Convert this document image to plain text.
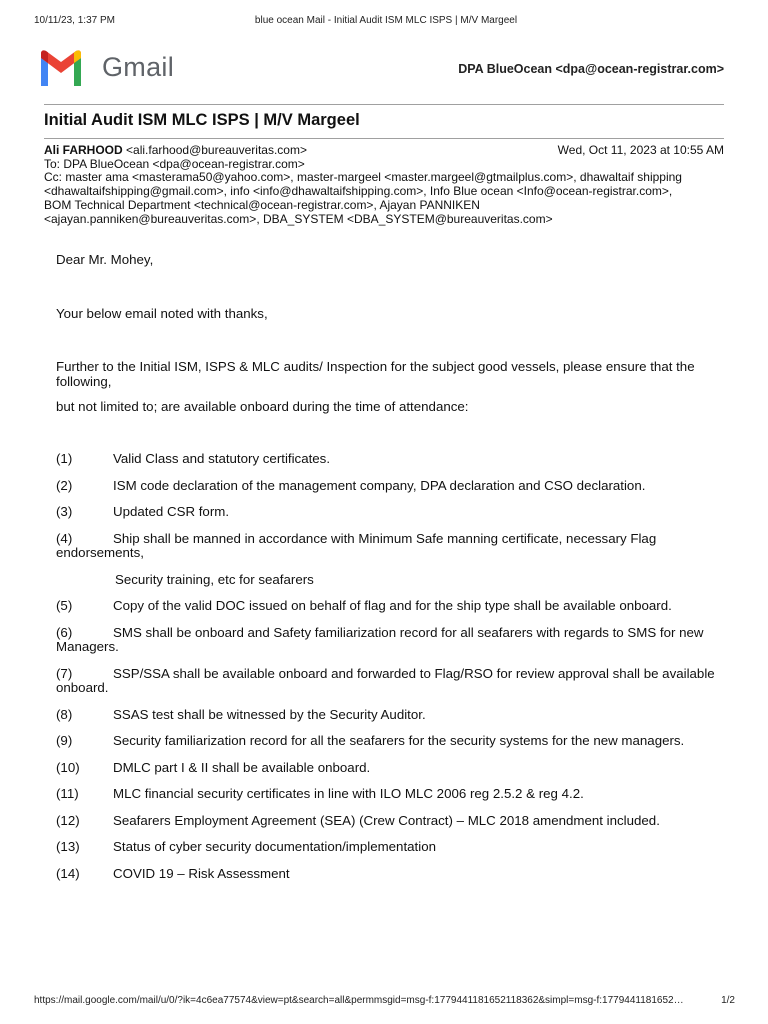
10/11/23, 1:37 PM	blue ocean Mail - Initial Audit ISM MLC ISPS | M/V Margeel
Gmail	DPA BlueOcean <dpa@ocean-registrar.com>
Initial Audit ISM MLC ISPS | M/V Margeel
Ali FARHOOD <ali.farhood@bureauveritas.com>	Wed, Oct 11, 2023 at 10:55 AM
To: DPA BlueOcean <dpa@ocean-registrar.com>
Cc: master ama <masterama50@yahoo.com>, master-margeel <master.margeel@gtmailplus.com>, dhawaltaif shipping
<dhawaltaifshipping@gmail.com>, info <info@dhawaltaifshipping.com>, Info Blue ocean <Info@ocean-registrar.com>,
BOM Technical Department <technical@ocean-registrar.com>, Ajayan PANNIKEN
<ajayan.panniken@bureauveritas.com>, DBA_SYSTEM <DBA_SYSTEM@bureauveritas.com>
Dear Mr. Mohey,
Your below email noted with thanks,
Further to the Initial ISM, ISPS & MLC audits/ Inspection for the subject good vessels, please ensure that the following,
but not limited to; are available onboard during the time of attendance:
(1)	Valid Class and statutory certificates.
(2)	ISM code declaration of the management company, DPA declaration and CSO declaration.
(3)	Updated CSR form.
(4)	Ship shall be manned in accordance with Minimum Safe manning certificate, necessary Flag endorsements,
Security training, etc for seafarers
(5)	Copy of the valid DOC issued on behalf of flag and for the ship type shall be available onboard.
(6)	SMS shall be onboard and Safety familiarization record for all seafarers with regards to SMS for new Managers.
(7)	SSP/SSA shall be available onboard and forwarded to Flag/RSO for review approval shall be available onboard.
(8)	SSAS test shall be witnessed by the Security Auditor.
(9)	Security familiarization record for all the seafarers for the security systems for the new managers.
(10)	DMLC part I & II shall be available onboard.
(11)	MLC financial security certificates in line with ILO MLC 2006 reg 2.5.2 & reg 4.2.
(12)	Seafarers Employment Agreement (SEA) (Crew Contract) – MLC 2018 amendment included.
(13)	Status of cyber security documentation/implementation
(14)	COVID 19 – Risk Assessment
https://mail.google.com/mail/u/0/?ik=4c6ea77574&view=pt&search=all&permmsgid=msg-f:1779441181652118362&simpl=msg-f:1779441181652…	1/2
